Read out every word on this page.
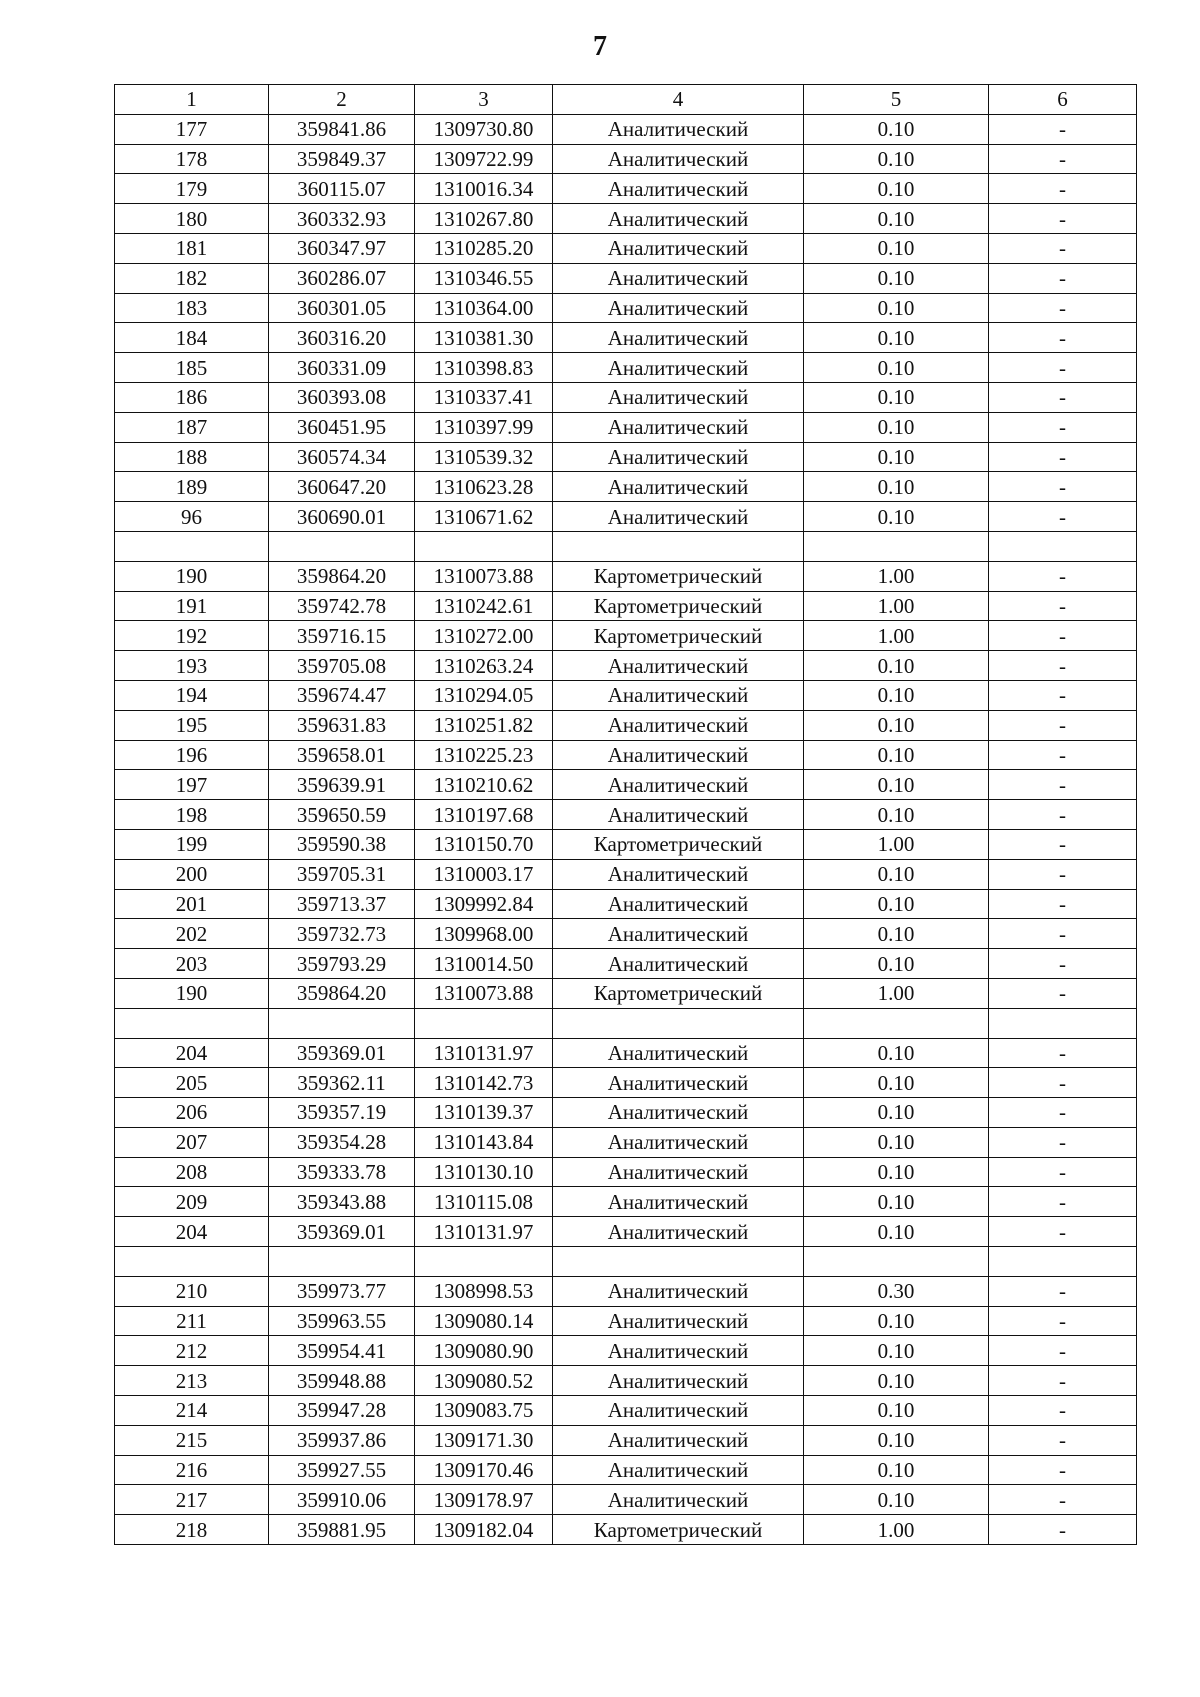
7
1	2	3	4	5	6
177	359841.86	1309730.80	Аналитический	0.10	-
178	359849.37	1309722.99	Аналитический	0.10	-
179	360115.07	1310016.34	Аналитический	0.10	-
180	360332.93	1310267.80	Аналитический	0.10	-
181	360347.97	1310285.20	Аналитический	0.10	-
182	360286.07	1310346.55	Аналитический	0.10	-
183	360301.05	1310364.00	Аналитический	0.10	-
184	360316.20	1310381.30	Аналитический	0.10	-
185	360331.09	1310398.83	Аналитический	0.10	-
186	360393.08	1310337.41	Аналитический	0.10	-
187	360451.95	1310397.99	Аналитический	0.10	-
188	360574.34	1310539.32	Аналитический	0.10	-
189	360647.20	1310623.28	Аналитический	0.10	-
96	360690.01	1310671.62	Аналитический	0.10	-

190	359864.20	1310073.88	Картометрический	1.00	-
191	359742.78	1310242.61	Картометрический	1.00	-
192	359716.15	1310272.00	Картометрический	1.00	-
193	359705.08	1310263.24	Аналитический	0.10	-
194	359674.47	1310294.05	Аналитический	0.10	-
195	359631.83	1310251.82	Аналитический	0.10	-
196	359658.01	1310225.23	Аналитический	0.10	-
197	359639.91	1310210.62	Аналитический	0.10	-
198	359650.59	1310197.68	Аналитический	0.10	-
199	359590.38	1310150.70	Картометрический	1.00	-
200	359705.31	1310003.17	Аналитический	0.10	-
201	359713.37	1309992.84	Аналитический	0.10	-
202	359732.73	1309968.00	Аналитический	0.10	-
203	359793.29	1310014.50	Аналитический	0.10	-
190	359864.20	1310073.88	Картометрический	1.00	-

204	359369.01	1310131.97	Аналитический	0.10	-
205	359362.11	1310142.73	Аналитический	0.10	-
206	359357.19	1310139.37	Аналитический	0.10	-
207	359354.28	1310143.84	Аналитический	0.10	-
208	359333.78	1310130.10	Аналитический	0.10	-
209	359343.88	1310115.08	Аналитический	0.10	-
204	359369.01	1310131.97	Аналитический	0.10	-

210	359973.77	1308998.53	Аналитический	0.30	-
211	359963.55	1309080.14	Аналитический	0.10	-
212	359954.41	1309080.90	Аналитический	0.10	-
213	359948.88	1309080.52	Аналитический	0.10	-
214	359947.28	1309083.75	Аналитический	0.10	-
215	359937.86	1309171.30	Аналитический	0.10	-
216	359927.55	1309170.46	Аналитический	0.10	-
217	359910.06	1309178.97	Аналитический	0.10	-
218	359881.95	1309182.04	Картометрический	1.00	-
